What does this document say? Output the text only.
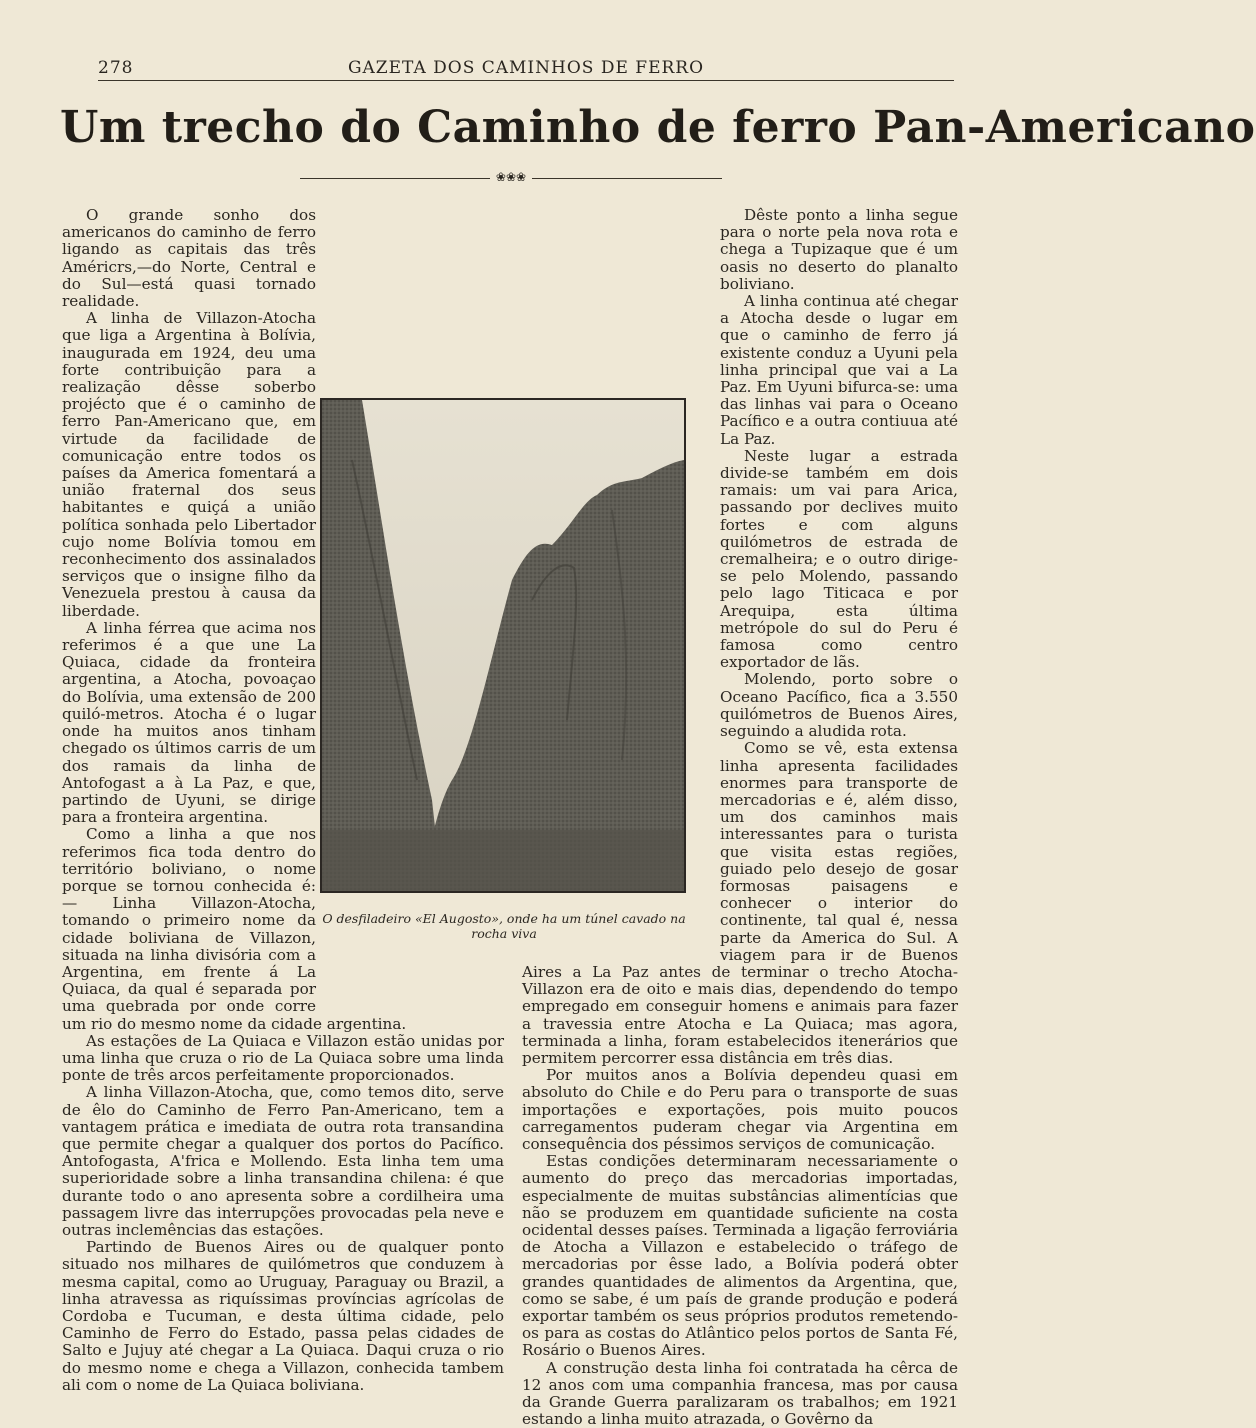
278	GAZETA DOS CAMINHOS DE FERRO
Um trecho do Caminho de ferro Pan-Americano
❀❀❀

O grande sonho dos americanos do caminho de ferro ligando as capitais das três Américrs,—do Norte, Central e do Sul—está quasi tornado realidade.

A linha de Villazon-Atocha que liga a Argentina à Bolívia, inaugurada em 1924, deu uma forte contribuição para a realização dêsse soberbo projécto que é o caminho de ferro Pan-Americano que, em virtude da facilidade de comunicação entre todos os países da America fomentará a união fraternal dos seus habitantes e quiçá a união política sonhada pelo Libertador cujo nome Bolívia tomou em reconhecimento dos assinalados serviços que o insigne filho da Venezuela prestou à causa da liberdade.

A linha férrea que acima nos referimos é a que une La Quiaca, cidade da fronteira argentina, a Atocha, povoaçao do Bolívia, uma extensão de 200 quiló-metros. Atocha é o lugar onde ha muitos anos tinham chegado os últimos carris de um dos ramais da linha de Antofogast a à La Paz, e que, partindo de Uyuni, se dirige para a fronteira argentina.

Como a linha a que nos referimos fica toda dentro do território boliviano, o nome porque se tornou conhecida é: — Linha Villazon-Atocha, tomando o primeiro nome da cidade boliviana de Villazon, situada na linha divisória com a Argentina, em frente á La Quiaca, da qual é separada por uma quebrada por onde corre um rio do mesmo nome da cidade argentina.

As estações de La Quiaca e Villazon estão unidas por uma linha que cruza o rio de La Quiaca sobre uma linda ponte de três arcos perfeitamente proporcionados.

A linha Villazon-Atocha, que, como temos dito, serve de êlo do Caminho de Ferro Pan-Americano, tem a vantagem prática e imediata de outra rota transandina que permite chegar a qualquer dos portos do Pacífico. Antofogasta, A'frica e Mollendo. Esta linha tem uma superioridade sobre a linha transandina chilena: é que durante todo o ano apresenta sobre a cordilheira uma passagem livre das interrupções provocadas pela neve e outras inclemências das estações.

Partindo de Buenos Aires ou de qualquer ponto situado nos milhares de quilómetros que conduzem à mesma capital, como ao Uruguay, Paraguay ou Brazil, a linha atravessa as riquíssimas províncias agrícolas de Cordoba e Tucuman, e desta última cidade, pelo Caminho de Ferro do Estado, passa pelas cidades de Salto e Jujuy até chegar a La Quiaca. Daqui cruza o rio do mesmo nome e chega a Villazon, conhecida tambem ali com o nome de La Quiaca boliviana.

Dêste ponto a linha segue para o norte pela nova rota e chega a Tupizaque que é um oasis no deserto do planalto boliviano.

A linha continua até chegar a Atocha desde o lugar em que o caminho de ferro já existente conduz a Uyuni pela linha principal que vai a La Paz. Em Uyuni bifurca-se: uma das linhas vai para o Oceano Pacífico e a outra contiuua até La Paz.

Neste lugar a estrada divide-se também em dois ramais: um vai para Arica, passando por declives muito fortes e com alguns quilómetros de estrada de cremalheira; e o outro dirige-se pelo Molendo, passando pelo lago Titicaca e por Arequipa, esta última metrópole do sul do Peru é famosa como centro exportador de lãs.

Molendo, porto sobre o Oceano Pacífico, fica a 3.550 quilómetros de Buenos Aires, seguindo a aludida rota.

Como se vê, esta extensa linha apresenta facilidades enormes para transporte de mercadorias e é, além disso, um dos caminhos mais interessantes para o turista que visita estas regiões, guiado pelo desejo de gosar formosas paisagens e conhecer o interior do continente, tal qual é, nessa parte da America do Sul. A viagem para ir de Buenos Aires a La Paz antes de terminar o trecho Atocha-Villazon era de oito e mais dias, dependendo do tempo empregado em conseguir homens e animais para fazer a travessia entre Atocha e La Quiaca; mas agora, terminada a linha, foram estabelecidos itenerários que permitem percorrer essa distância em três dias.

Por muitos anos a Bolívia dependeu quasi em absoluto do Chile e do Peru para o transporte de suas importações e exportações, pois muito poucos carregamentos puderam chegar via Argentina em consequência dos péssimos serviços de comunicação.

Estas condições determinaram necessariamente o aumento do preço das mercadorias importadas, especialmente de muitas substâncias alimentícias que não se produzem em quantidade suficiente na costa ocidental desses países. Terminada a ligação ferroviária de Atocha a Villazon e estabelecido o tráfego de mercadorias por êsse lado, a Bolívia poderá obter grandes quantidades de alimentos da Argentina, que, como se sabe, é um país de grande produção e poderá exportar também os seus próprios produtos remetendo-os para as costas do Atlântico pelos portos de Santa Fé, Rosário o Buenos Aires.

A construção desta linha foi contratada ha cêrca de 12 anos com uma companhia francesa, mas por causa da Grande Guerra paralizaram os trabalhos; em 1921 estando a linha muito atrazada, o Govêrno da

O desfiladeiro «El Augosto», onde ha um túnel cavado na rocha viva
